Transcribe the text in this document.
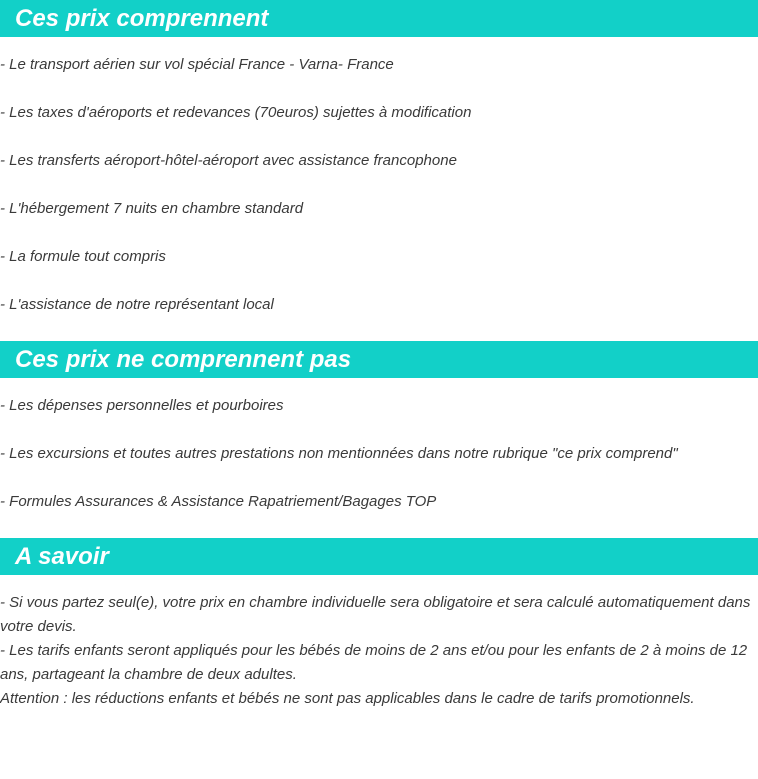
Ces prix comprennent

- Le transport aérien sur vol spécial France - Varna- France

- Les taxes d'aéroports et redevances (70euros) sujettes à modification

- Les transferts aéroport-hôtel-aéroport avec assistance francophone

- L'hébergement 7 nuits en chambre standard

- La formule tout compris

- L'assistance de notre représentant local

Ces prix ne comprennent pas

- Les dépenses personnelles et pourboires

- Les excursions et toutes autres prestations non mentionnées dans notre rubrique "ce prix comprend"

- Formules Assurances & Assistance Rapatriement/Bagages TOP

A savoir

- Si vous partez seul(e), votre prix en chambre individuelle sera obligatoire et sera calculé automatiquement dans votre devis.

- Les tarifs enfants seront appliqués pour les bébés de moins de 2 ans et/ou pour les enfants de 2 à moins de 12 ans, partageant la chambre de deux adultes.

Attention : les réductions enfants et bébés ne sont pas applicables dans le cadre de tarifs promotionnels.
